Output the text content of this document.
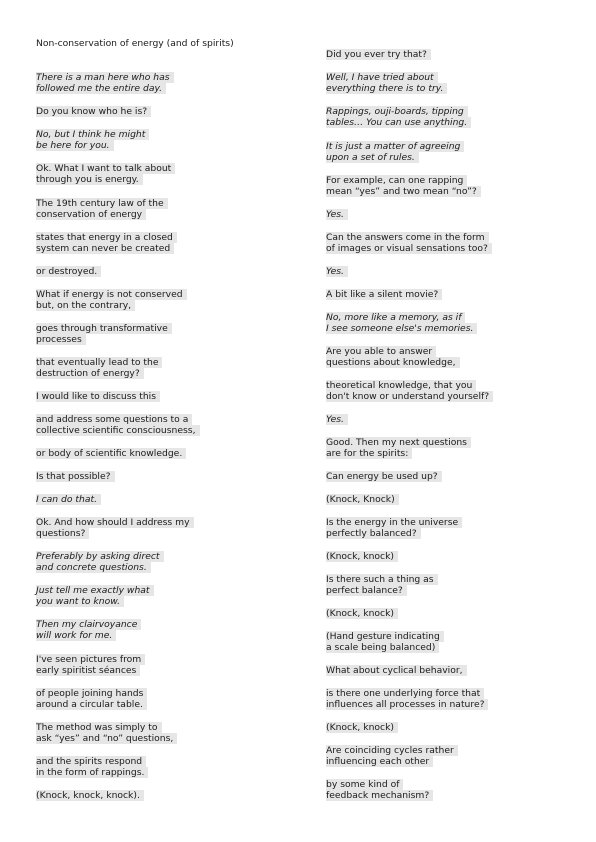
Non-conservation of energy (and of spirits)

There is a man here who has
followed me the entire day.

Do you know who he is?

No, but I think he might
be here for you.

Ok. What I want to talk about
through you is energy.

The 19th century law of the
conservation of energy

states that energy in a closed
system can never be created

or destroyed.

What if energy is not conserved
but, on the contrary,

goes through transformative
processes

that eventually lead to the
destruction of energy?

I would like to discuss this

and address some questions to a
collective scientific consciousness,

or body of scientific knowledge.

Is that possible?

I can do that.

Ok. And how should I address my
questions?

Preferably by asking direct
and concrete questions.

Just tell me exactly what
you want to know.

Then my clairvoyance
will work for me.

I've seen pictures from
early spiritist séances

of people joining hands
around a circular table.

The method was simply to
ask “yes” and “no” questions,

and the spirits respond
in the form of rappings.

(Knock, knock, knock).

Did you ever try that?

Well, I have tried about
everything there is to try.

Rappings, ouji-boards, tipping
tables… You can use anything.

It is just a matter of agreeing
upon a set of rules.

For example, can one rapping
mean “yes” and two mean “no”?

Yes.

Can the answers come in the form
of images or visual sensations too?

Yes.

A bit like a silent movie?

No, more like a memory, as if
I see someone else's memories.

Are you able to answer
questions about knowledge,

theoretical knowledge, that you
don't know or understand yourself?

Yes.

Good. Then my next questions
are for the spirits:

Can energy be used up?

(Knock, Knock)

Is the energy in the universe
perfectly balanced?

(Knock, knock)

Is there such a thing as
perfect balance?

(Knock, knock)

(Hand gesture indicating
a scale being balanced)

What about cyclical behavior,

is there one underlying force that
influences all processes in nature?

(Knock, knock)

Are coinciding cycles rather
influencing each other

by some kind of
feedback mechanism?
